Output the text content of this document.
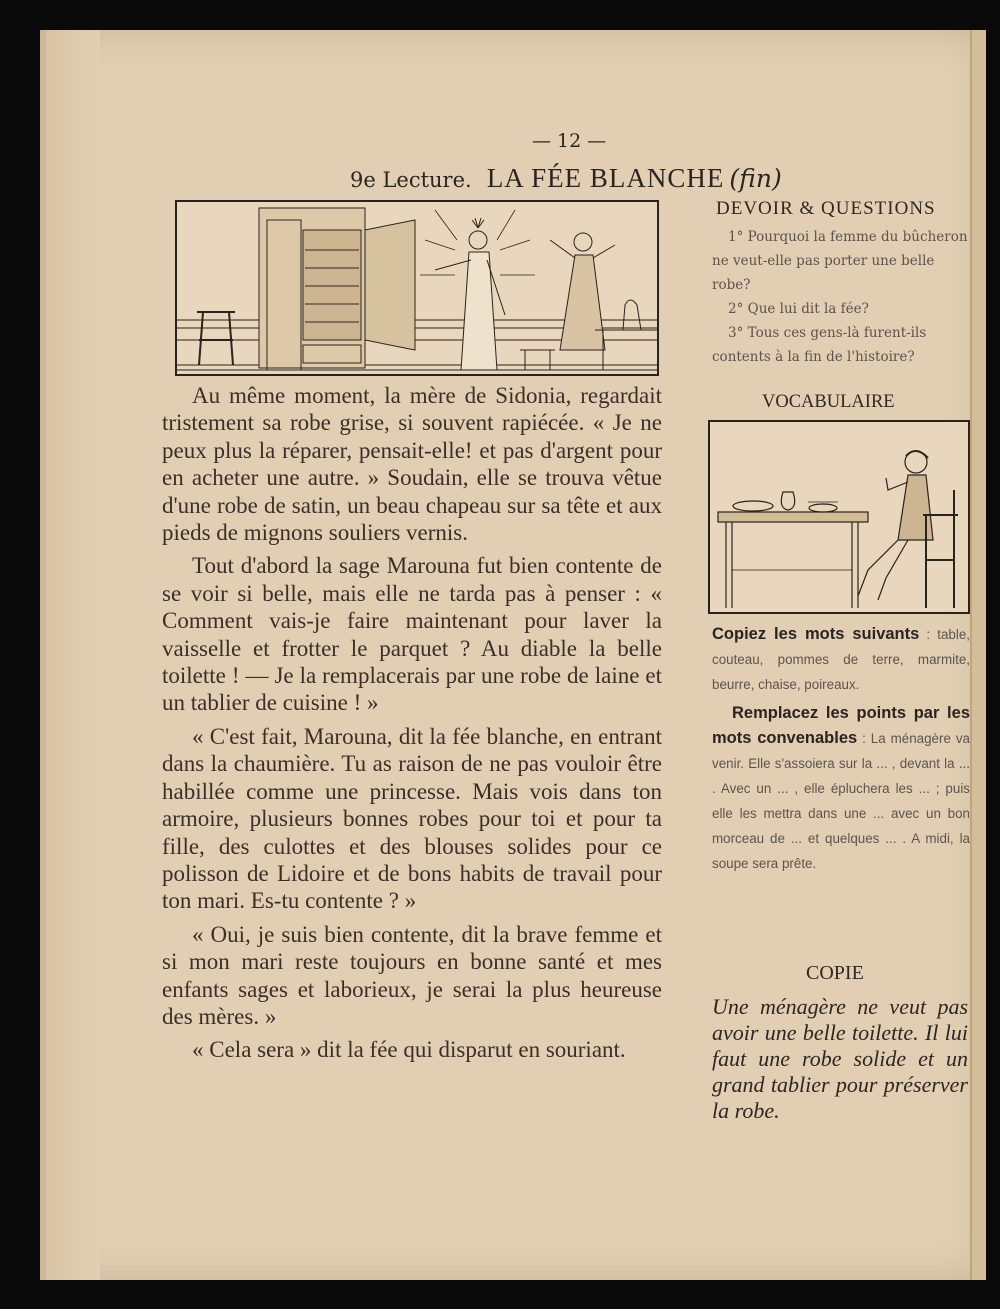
— 12 —
9e Lecture. LA FÉE BLANCHE (fin)

Au même moment, la mère de Sidonia, regardait tristement sa robe grise, si souvent rapiécée. « Je ne peux plus la réparer, pensait-elle! et pas d'argent pour en acheter une autre. » Soudain, elle se trouva vêtue d'une robe de satin, un beau chapeau sur sa tête et aux pieds de mignons souliers vernis.

Tout d'abord la sage Marouna fut bien contente de se voir si belle, mais elle ne tarda pas à penser : « Comment vais-je faire maintenant pour laver la vaisselle et frotter le parquet ? Au diable la belle toilette ! — Je la remplacerais par une robe de laine et un tablier de cuisine ! »

« C'est fait, Marouna, dit la fée blanche, en entrant dans la chaumière. Tu as raison de ne pas vouloir être habillée comme une princesse. Mais vois dans ton armoire, plusieurs bonnes robes pour toi et pour ta fille, des culottes et des blouses solides pour ce polisson de Lidoire et de bons habits de travail pour ton mari. Es-tu contente ? »

« Oui, je suis bien contente, dit la brave femme et si mon mari reste toujours en bonne santé et mes enfants sages et laborieux, je serai la plus heureuse des mères. »

« Cela sera » dit la fée qui disparut en souriant.

DEVOIR & QUESTIONS

1° Pourquoi la femme du bûcheron ne veut-elle pas porter une belle robe?

2° Que lui dit la fée?

3° Tous ces gens-là furent-ils contents à la fin de l'histoire?

VOCABULAIRE

Copiez les mots suivants : table, couteau, pommes de terre, marmite, beurre, chaise, poireaux.

Remplacez les points par les mots convenables : La ménagère va venir. Elle s'assoiera sur la ... , devant la ... . Avec un ... , elle épluchera les ... ; puis elle les mettra dans une ... avec un bon morceau de ... et quelques ... . A midi, la soupe sera prête.

COPIE
Une ménagère ne veut pas avoir une belle toilette. Il lui faut une robe solide et un grand tablier pour préserver la robe.
